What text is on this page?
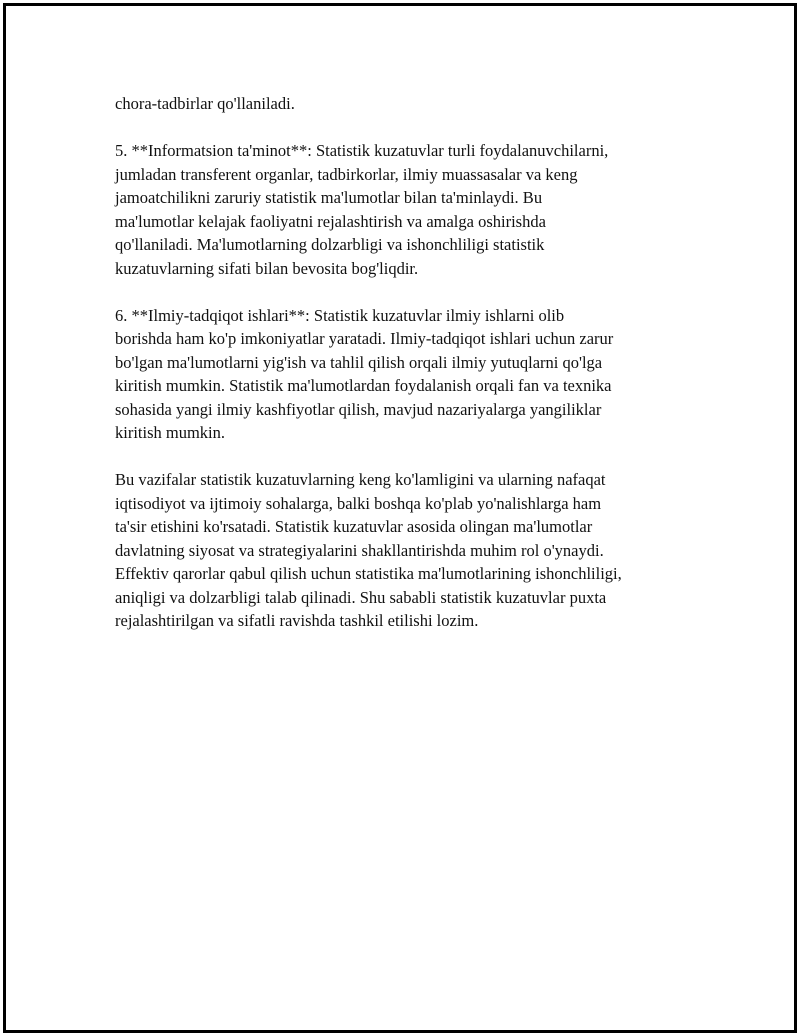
chora-tadbirlar qo'llaniladi.
5. **Informatsion ta'minot**: Statistik kuzatuvlar turli foydalanuvchilarni,
jumladan transferent organlar, tadbirkorlar, ilmiy muassasalar va keng
jamoatchilikni zaruriy statistik ma'lumotlar bilan ta'minlaydi. Bu
ma'lumotlar kelajak faoliyatni rejalashtirish va amalga oshirishda
qo'llaniladi. Ma'lumotlarning dolzarbligi va ishonchliligi statistik
kuzatuvlarning sifati bilan bevosita bog'liqdir.
6. **Ilmiy-tadqiqot ishlari**: Statistik kuzatuvlar ilmiy ishlarni olib
borishda ham ko'p imkoniyatlar yaratadi. Ilmiy-tadqiqot ishlari uchun zarur
bo'lgan ma'lumotlarni yig'ish va tahlil qilish orqali ilmiy yutuqlarni qo'lga
kiritish mumkin. Statistik ma'lumotlardan foydalanish orqali fan va texnika
sohasida yangi ilmiy kashfiyotlar qilish, mavjud nazariyalarga yangiliklar
kiritish mumkin.
Bu vazifalar statistik kuzatuvlarning keng ko'lamligini va ularning nafaqat
iqtisodiyot va ijtimoiy sohalarga, balki boshqa ko'plab yo'nalishlarga ham
ta'sir etishini ko'rsatadi. Statistik kuzatuvlar asosida olingan ma'lumotlar
davlatning siyosat va strategiyalarini shakllantirishda muhim rol o'ynaydi.
Effektiv qarorlar qabul qilish uchun statistika ma'lumotlarining ishonchliligi,
aniqligi va dolzarbligi talab qilinadi. Shu sababli statistik kuzatuvlar puxta
rejalashtirilgan va sifatli ravishda tashkil etilishi lozim.
